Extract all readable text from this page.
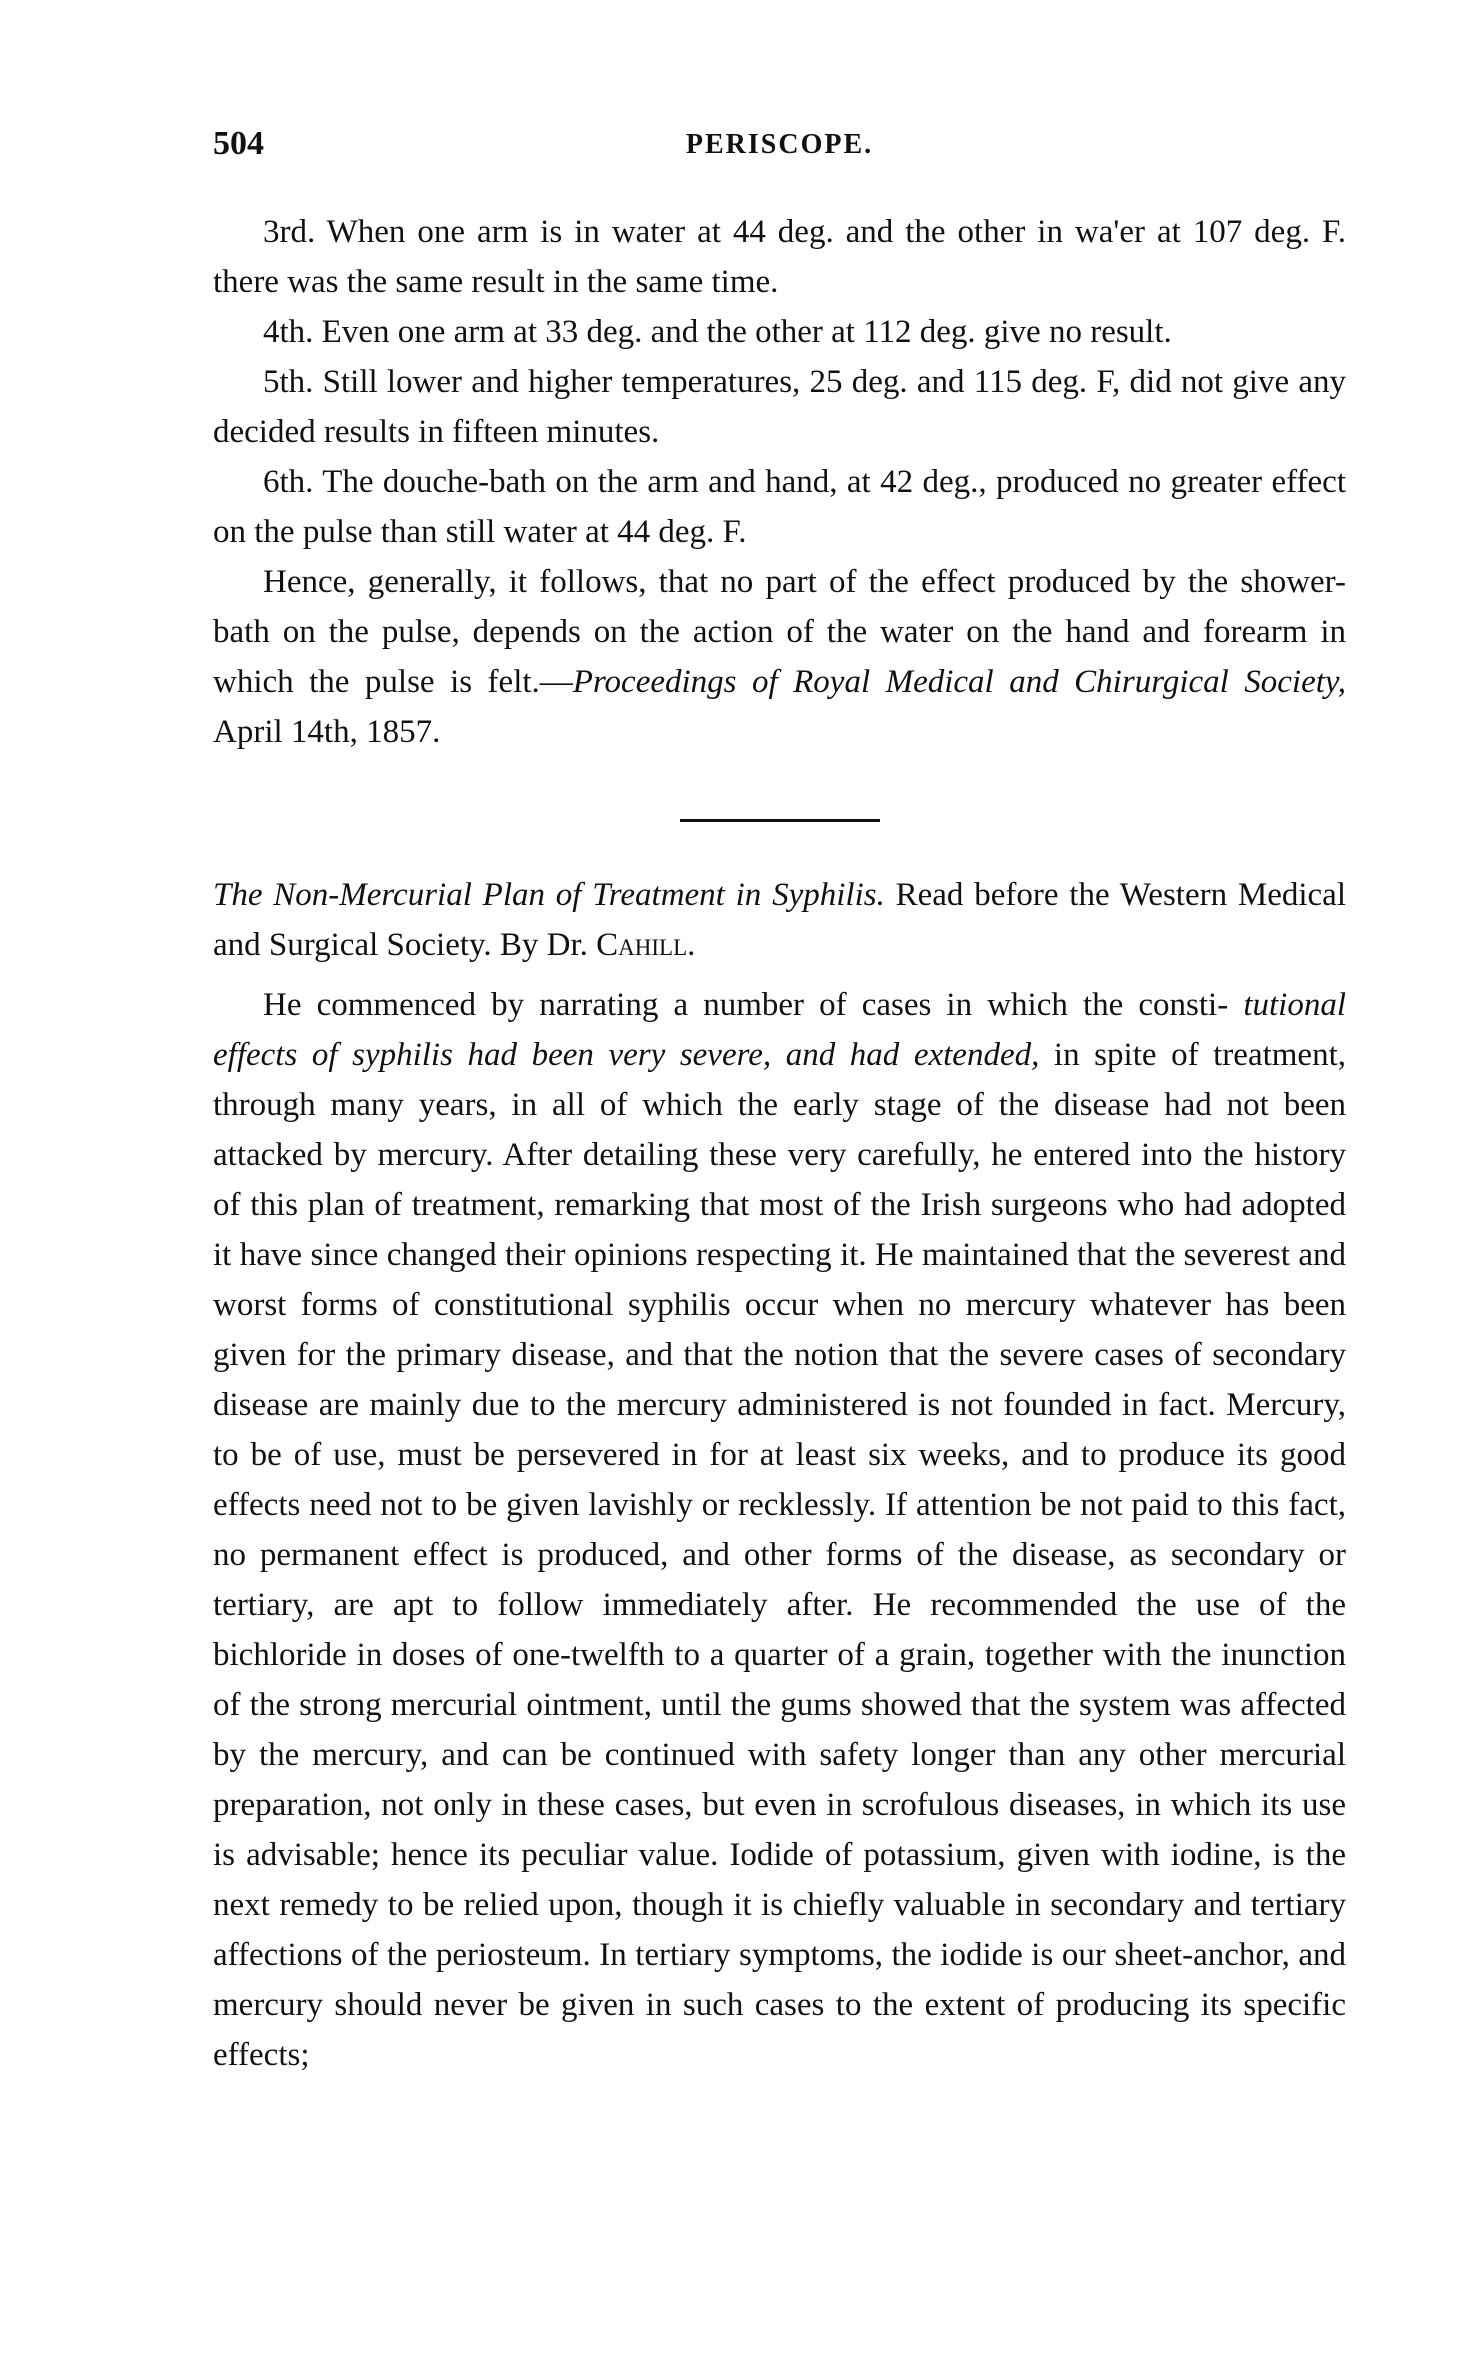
504	PERISCOPE.

3rd. When one arm is in water at 44 deg. and the other in wa'er at 107 deg. F. there was the same result in the same time.

4th. Even one arm at 33 deg. and the other at 112 deg. give no result.

5th. Still lower and higher temperatures, 25 deg. and 115 deg. F, did not give any decided results in fifteen minutes.

6th. The douche-bath on the arm and hand, at 42 deg., produced no greater effect on the pulse than still water at 44 deg. F.

Hence, generally, it follows, that no part of the effect produced by the shower-bath on the pulse, depends on the action of the water on the hand and forearm in which the pulse is felt.—Proceedings of Royal Medical and Chirurgical Society, April 14th, 1857.

The Non-Mercurial Plan of Treatment in Syphilis. Read before the Western Medical and Surgical Society. By Dr. Cahill.

He commenced by narrating a number of cases in which the consti- tutional effects of syphilis had been very severe, and had extended, in spite of treatment, through many years, in all of which the early stage of the disease had not been attacked by mercury. After detailing these very carefully, he entered into the history of this plan of treatment, remarking that most of the Irish surgeons who had adopted it have since changed their opinions respecting it. He maintained that the severest and worst forms of constitutional syphilis occur when no mercury whatever has been given for the primary disease, and that the notion that the severe cases of secondary disease are mainly due to the mercury administered is not founded in fact. Mercury, to be of use, must be persevered in for at least six weeks, and to produce its good effects need not to be given lavishly or recklessly. If attention be not paid to this fact, no permanent effect is produced, and other forms of the disease, as secondary or tertiary, are apt to follow immediately after. He recommended the use of the bichloride in doses of one-twelfth to a quarter of a grain, together with the inunction of the strong mercurial ointment, until the gums showed that the system was affected by the mercury, and can be continued with safety longer than any other mercurial preparation, not only in these cases, but even in scrofulous diseases, in which its use is advisable; hence its peculiar value. Iodide of potassium, given with iodine, is the next remedy to be relied upon, though it is chiefly valuable in secondary and tertiary affections of the periosteum. In tertiary symptoms, the iodide is our sheet-anchor, and mercury should never be given in such cases to the extent of producing its specific effects;
